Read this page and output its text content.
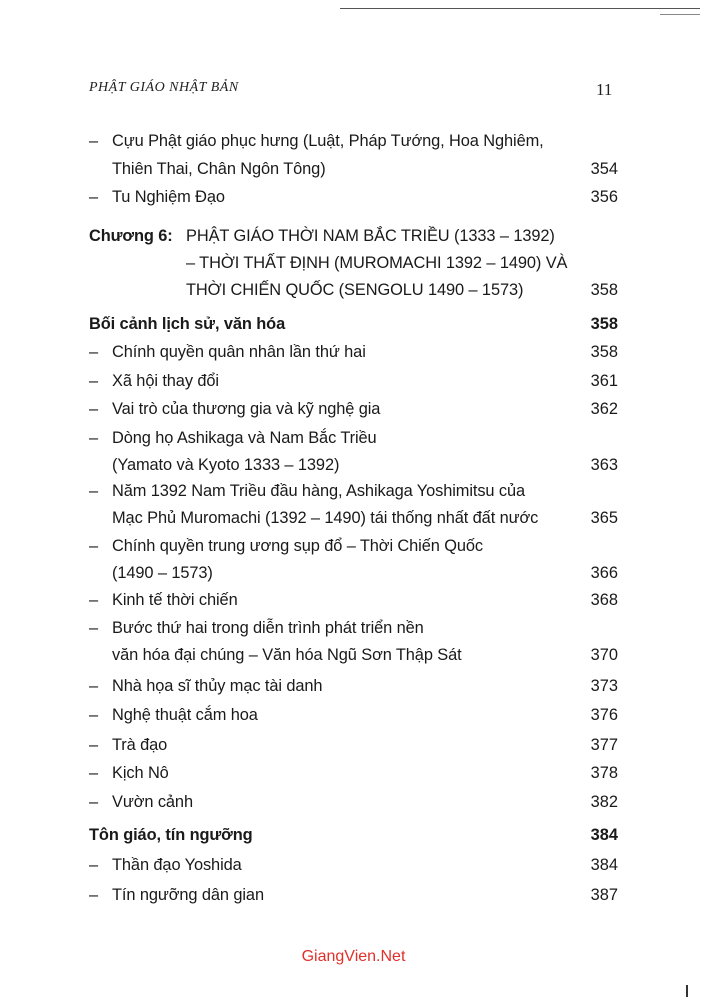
PHẬT GIÁO NHẬT BẢN	11
– Cựu Phật giáo phục hưng (Luật, Pháp Tướng, Hoa Nghiêm,
Thiên Thai, Chân Ngôn Tông)	354
– Tu Nghiệm Đạo	356
Chương 6: PHẬT GIÁO THỜI NAM BẮC TRIỀU (1333 – 1392)
– THỜI THẤT ĐỊNH (MUROMACHI 1392 – 1490) VÀ
THỜI CHIẾN QUỐC (SENGOLU 1490 – 1573)	358
Bối cảnh lịch sử, văn hóa	358
– Chính quyền quân nhân lần thứ hai	358
– Xã hội thay đổi	361
– Vai trò của thương gia và kỹ nghệ gia	362
– Dòng họ Ashikaga và Nam Bắc Triều
(Yamato và Kyoto 1333 – 1392)	363
– Năm 1392 Nam Triều đầu hàng, Ashikaga Yoshimitsu của
Mạc Phủ Muromachi (1392 – 1490) tái thống nhất đất nước	365
– Chính quyền trung ương sụp đổ – Thời Chiến Quốc
(1490 – 1573)	366
– Kinh tế thời chiến	368
– Bước thứ hai trong diễn trình phát triển nền
văn hóa đại chúng – Văn hóa Ngũ Sơn Thập Sát	370
– Nhà họa sĩ thủy mạc tài danh	373
– Nghệ thuật cắm hoa	376
– Trà đạo	377
– Kịch Nô	378
– Vườn cảnh	382
Tôn giáo, tín ngưỡng	384
– Thần đạo Yoshida	384
– Tín ngưỡng dân gian	387
GiangVien.Net
